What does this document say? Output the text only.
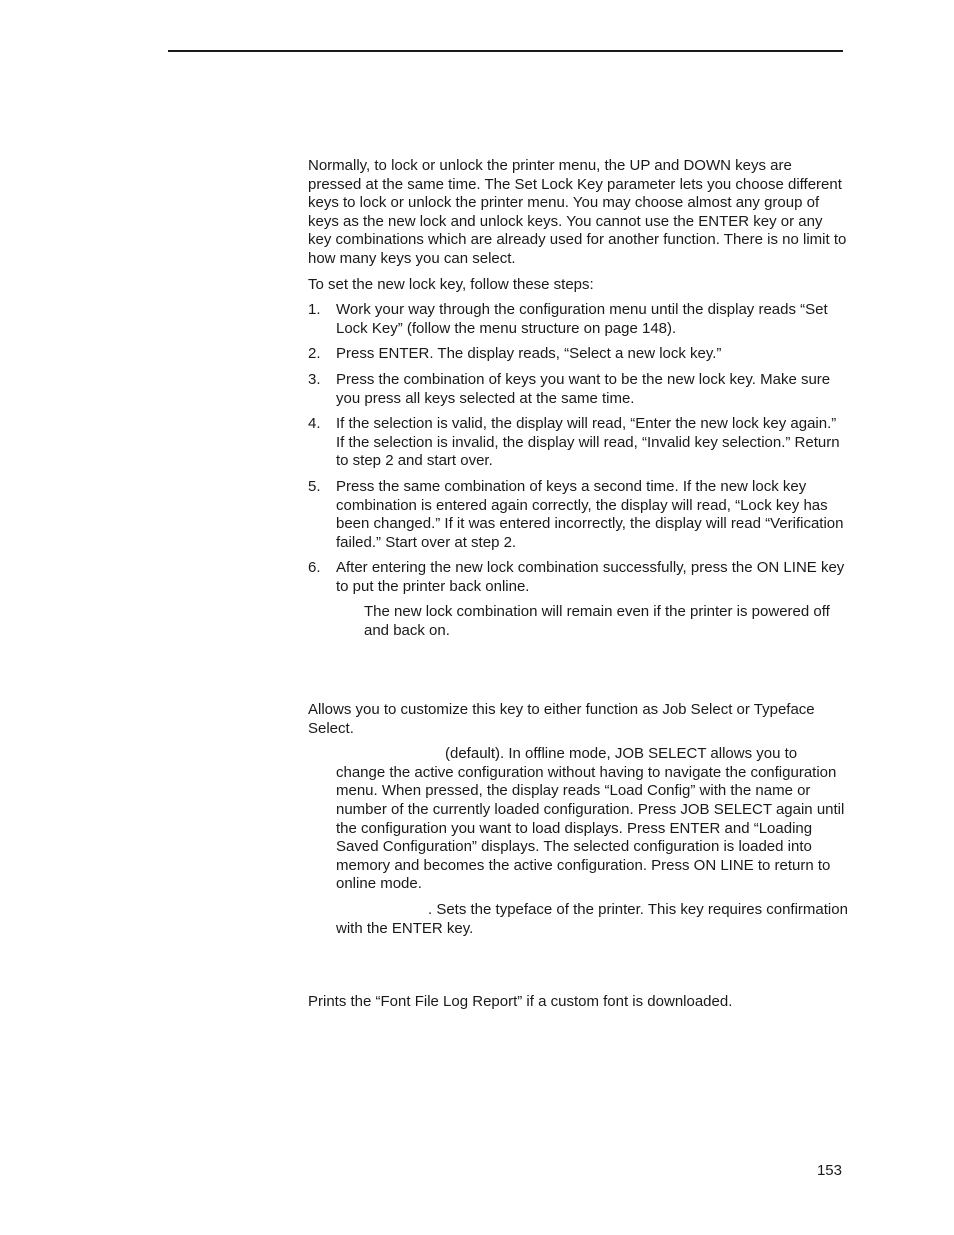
Normally, to lock or unlock the printer menu, the UP and DOWN keys are pressed at the same time. The Set Lock Key parameter lets you choose different keys to lock or unlock the printer menu. You may choose almost any group of keys as the new lock and unlock keys. You cannot use the ENTER key or any key combinations which are already used for another function. There is no limit to how many keys you can select.

To set the new lock key, follow these steps:

1. Work your way through the configuration menu until the display reads “Set Lock Key” (follow the menu structure on page 148).
2. Press ENTER. The display reads, “Select a new lock key.”
3. Press the combination of keys you want to be the new lock key. Make sure you press all keys selected at the same time.
4. If the selection is valid, the display will read, “Enter the new lock key again.” If the selection is invalid, the display will read, “Invalid key selection.” Return to step 2 and start over.
5. Press the same combination of keys a second time. If the new lock key combination is entered again correctly, the display will read, “Lock key has been changed.” If it was entered incorrectly, the display will read “Verification failed.” Start over at step 2.
6. After entering the new lock combination successfully, press the ON LINE key to put the printer back online.

The new lock combination will remain even if the printer is powered off and back on.

Allows you to customize this key to either function as Job Select or Typeface Select.

(default). In offline mode, JOB SELECT allows you to change the active configuration without having to navigate the configuration menu. When pressed, the display reads “Load Config” with the name or number of the currently loaded configuration. Press JOB SELECT again until the configuration you want to load displays. Press ENTER and “Loading Saved Configuration” displays. The selected configuration is loaded into memory and becomes the active configuration. Press ON LINE to return to online mode.

. Sets the typeface of the printer. This key requires confirmation with the ENTER key.

Prints the “Font File Log Report” if a custom font is downloaded.

153
